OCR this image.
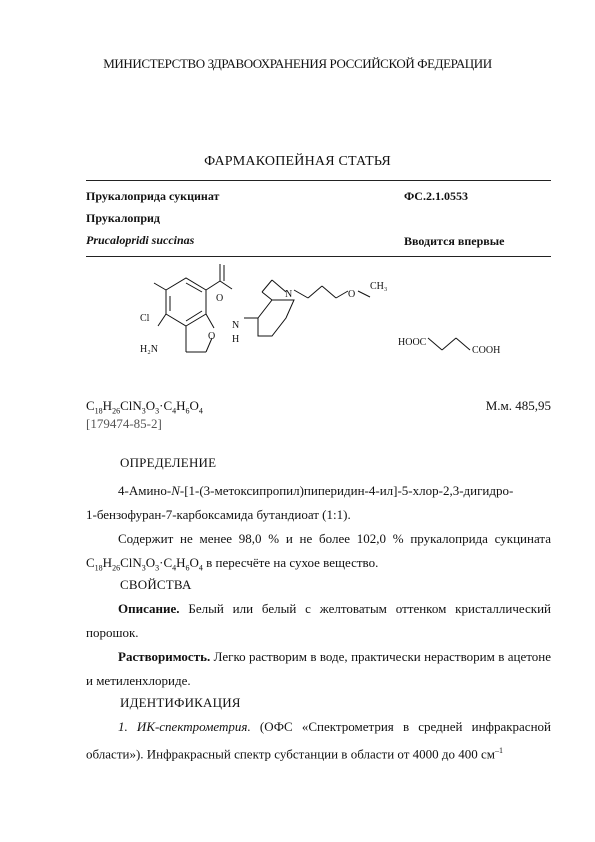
МИНИСТЕРСТВО ЗДРАВООХРАНЕНИЯ РОССИЙСКОЙ ФЕДЕРАЦИИ
ФАРМАКОПЕЙНАЯ СТАТЬЯ
Прукалоприда сукцинат	ФС.2.1.0553
Прукалоприд
Prucalopridi succinas	Вводится впервые
Cl
H₂N
O
N
H
N	O
CH₃
O
HOOC
COOH
$C_{18}H_{26}ClN_3O_3\cdot C_4H_6O_4$	М.м. 485,95
[179474-85-2]
ОПРЕДЕЛЕНИЕ
4-Амино-N-[1-(3-метоксипропил)пиперидин-4-ил]-5-хлор-2,3-дигидро-
1-бензофуран-7-карбоксамида бутандиоат (1:1).
Содержит не менее 98,0 % и не более 102,0 % прукалоприда сукцината
$C_{18}H_{26}ClN_3O_3\cdot C_4H_6O_4$ в пересчёте на сухое вещество.
СВОЙСТВА
Описание. Белый или белый с желтоватым оттенком кристаллический порошок.
Растворимость. Легко растворим в воде, практически нерастворим в ацетоне и метиленхлориде.
ИДЕНТИФИКАЦИЯ
1. ИК-спектрометрия. (ОФС «Спектрометрия в средней инфракрасной области»). Инфракрасный спектр субстанции в области от 4000 до 400 $см^{-1}$
